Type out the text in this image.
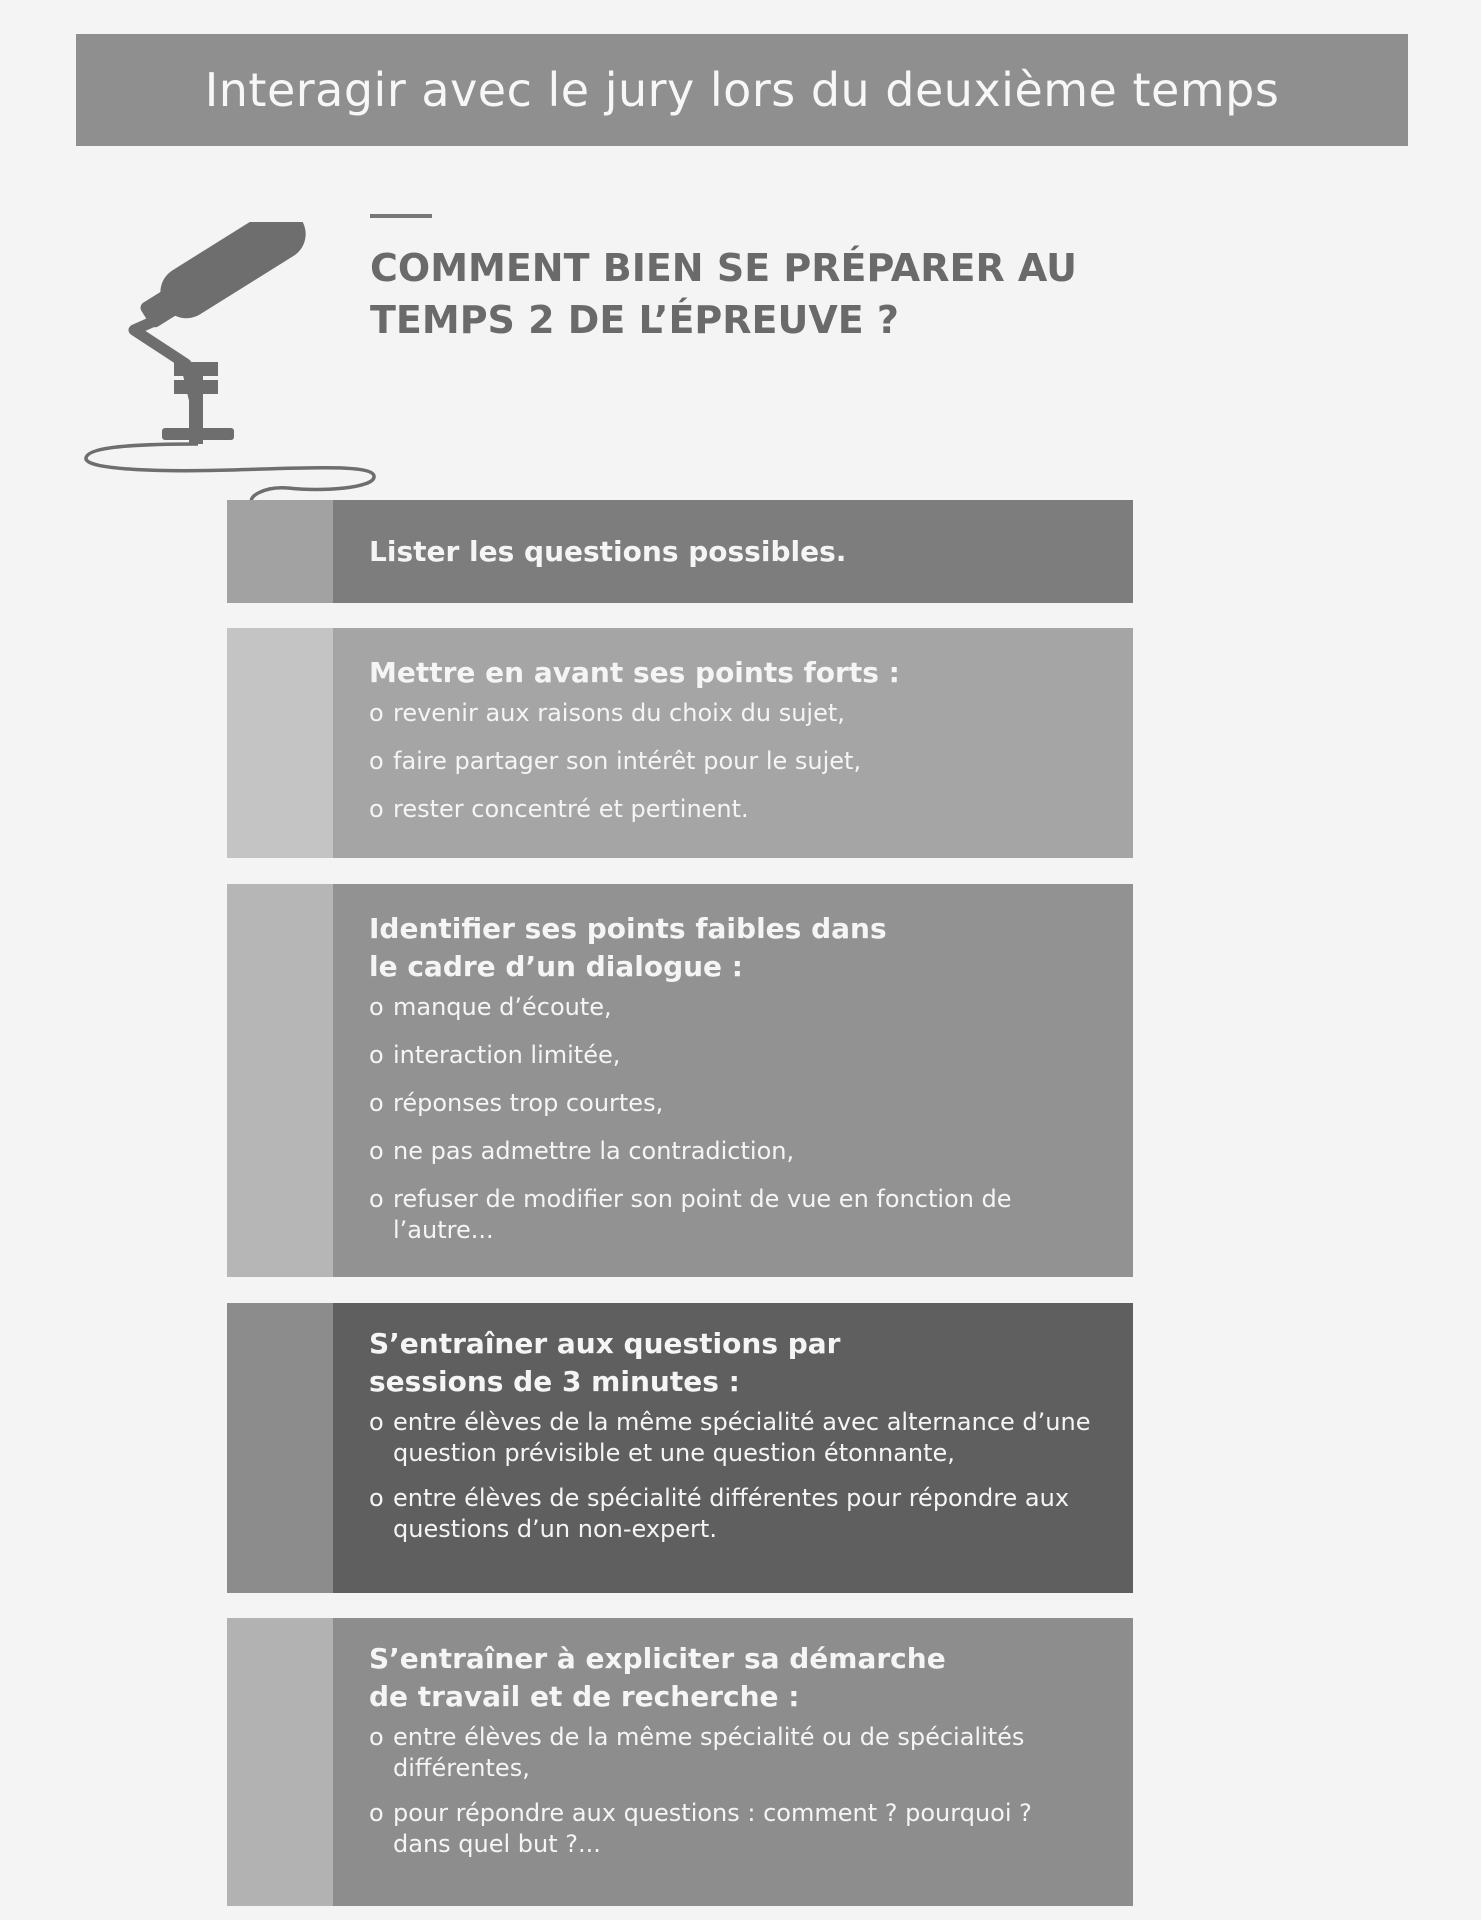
Interagir avec le jury lors du deuxième temps
COMMENT BIEN SE PRÉPARER AU
TEMPS 2 DE L’ÉPREUVE ?
Lister les questions possibles.
Mettre en avant ses points forts :
o revenir aux raisons du choix du sujet,
o faire partager son intérêt pour le sujet,
o rester concentré et pertinent.
Identifier ses points faibles dans
le cadre d’un dialogue :
o manque d’écoute,
o interaction limitée,
o réponses trop courtes,
o ne pas admettre la contradiction,
o refuser de modifier son point de vue en fonction de l’autre...
S’entraîner aux questions par
sessions de 3 minutes :
o entre élèves de la même spécialité avec alternance d’une question prévisible et une question étonnante,
o entre élèves de spécialité différentes pour répondre aux questions d’un non-expert.
S’entraîner à expliciter sa démarche
de travail et de recherche :
o entre élèves de la même spécialité ou de spécialités différentes,
o pour répondre aux questions : comment ? pourquoi ? dans quel but ?...
